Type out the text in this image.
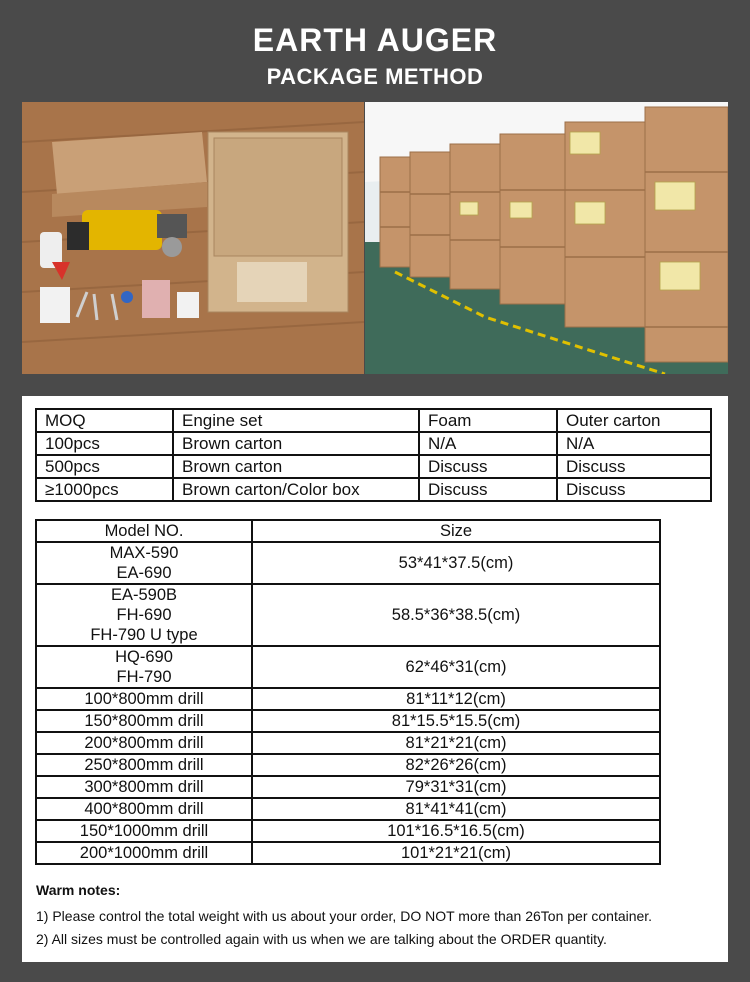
EARTH AUGER
PACKAGE METHOD
MOQ	Engine set	Foam	Outer carton
100pcs	Brown carton	N/A	N/A
500pcs	Brown carton	Discuss	Discuss
≥1000pcs	Brown carton/Color box	Discuss	Discuss
Model NO.	Size

MAX-590
EA-690	53*41*37.5(cm)

EA-590B
FH-690
FH-790 U type	58.5*36*38.5(cm)

HQ-690
FH-790	62*46*31(cm)
100*800mm drill	81*11*12(cm)
150*800mm drill	81*15.5*15.5(cm)
200*800mm drill	81*21*21(cm)
250*800mm drill	82*26*26(cm)
300*800mm drill	79*31*31(cm)
400*800mm drill	81*41*41(cm)
150*1000mm drill	101*16.5*16.5(cm)
200*1000mm drill	101*21*21(cm)
Warm notes:
1) Please control the total weight with us about your order, DO NOT more than 26Ton per container.
2) All sizes must be controlled again with us when we are talking about the ORDER quantity.
